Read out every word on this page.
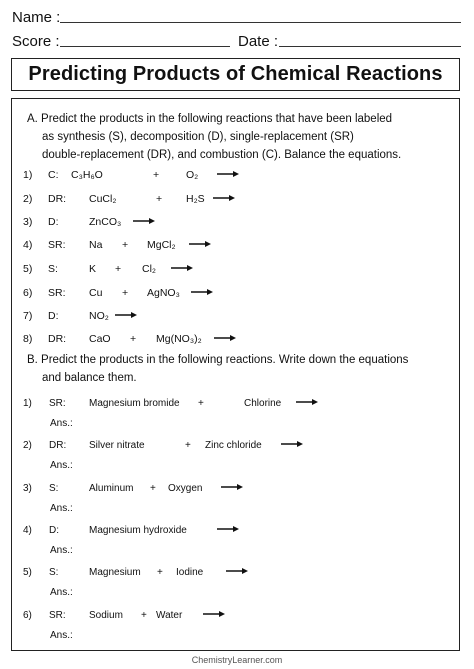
Name :
Score :	Date :
Predicting Products of Chemical Reactions
A. Predict the products in the following reactions that have been labeled
as synthesis (S), decomposition (D), single-replacement (SR)
double-replacement (DR), and combustion (C). Balance the equations.
1) C: C₃H₆O	+	O₂
2) DR: CuCl₂	+ H₂S
3) D:	ZnCO₃
4) SR: Na + MgCl₂
5) S:	K + Cl₂
6) SR: Cu + AgNO₃
7) D:	NO₂
8) DR: CaO + Mg(NO₃)₂
B. Predict the products in the following reactions. Write down the equations
and balance them.
1) SR: Magnesium bromide +	Chlorine
Ans.:
2) DR: Silver nitrate	+ Zinc chloride
Ans.:
3) S:	Aluminum + Oxygen
Ans.:
4) D:	Magnesium hydroxide
Ans.:
5) S:	Magnesium + Iodine
Ans.:
6) SR: Sodium + Water
Ans.:
ChemistryLearner.com
